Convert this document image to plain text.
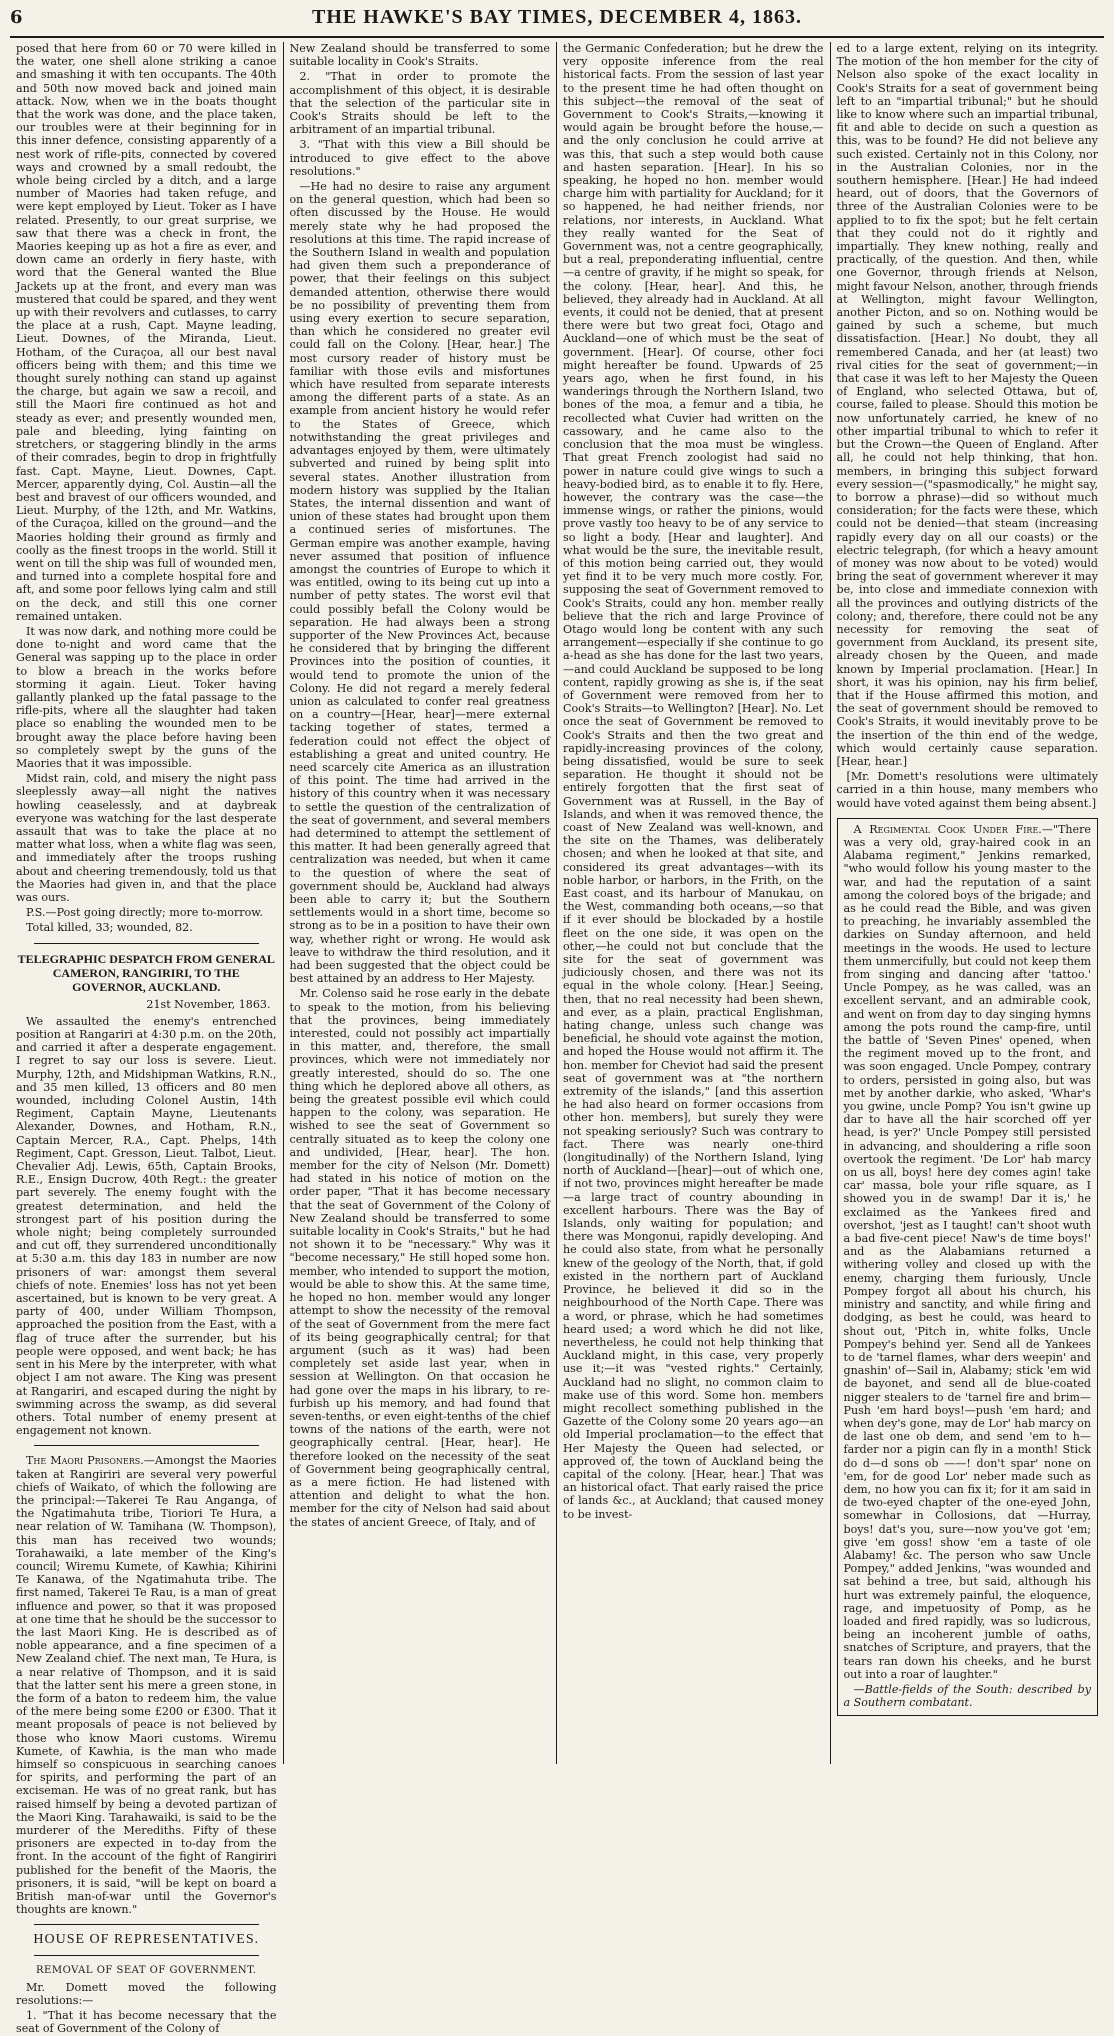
6	THE HAWKE'S BAY TIMES, DECEMBER 4, 1863.

posed that here from 60 or 70 were killed in the water, one shell alone striking a canoe and smashing it with ten occupants. The 40th and 50th now moved back and joined main attack. Now, when we in the boats thought that the work was done, and the place taken, our troubles were at their beginning for in this inner defence, consisting apparently of a nest work of rifle-pits, connected by covered ways and crowned by a small redoubt, the whole being circled by a ditch, and a large number of Maories had taken refuge, and were kept employed by Lieut. Toker as I have related. Presently, to our great surprise, we saw that there was a check in front, the Maories keeping up as hot a fire as ever, and down came an orderly in fiery haste, with word that the General wanted the Blue Jackets up at the front, and every man was mustered that could be spared, and they went up with their revolvers and cutlasses, to carry the place at a rush, Capt. Mayne leading, Lieut. Downes, of the Miranda, Lieut. Hotham, of the Curaçoa, all our best naval officers being with them; and this time we thought surely nothing can stand up against the charge, but again we saw a recoil, and still the Maori fire continued as hot and steady as ever; and presently wounded men, pale and bleeding, lying fainting on stretchers, or staggering blindly in the arms of their comrades, begin to drop in frightfully fast. Capt. Mayne, Lieut. Downes, Capt. Mercer, apparently dying, Col. Austin—all the best and bravest of our officers wounded, and Lieut. Murphy, of the 12th, and Mr. Watkins, of the Curaçoa, killed on the ground—and the Maories holding their ground as firmly and coolly as the finest troops in the world. Still it went on till the ship was full of wounded men, and turned into a complete hospital fore and aft, and some poor fellows lying calm and still on the deck, and still this one corner remained untaken.

It was now dark, and nothing more could be done to-night and word came that the General was sapping up to the place in order to blow a breach in the works before storming it again. Lieut. Toker having gallantly planked up the fatal passage to the rifle-pits, where all the slaughter had taken place so enabling the wounded men to be brought away the place before having been so completely swept by the guns of the Maories that it was impossible.

Midst rain, cold, and misery the night pass sleeplessly away—all night the natives howling ceaselessly, and at daybreak everyone was watching for the last desperate assault that was to take the place at no matter what loss, when a white flag was seen, and immediately after the troops rushing about and cheering tremendously, told us that the Maories had given in, and that the place was ours.

P.S.—Post going directly; more to-morrow.

Total killed, 33; wounded, 82.

TELEGRAPHIC DESPATCH FROM GENERAL CAMERON, RANGIRIRI, TO THE GOVERNOR, AUCKLAND.
21st November, 1863.

We assaulted the enemy's entrenched position at Rangariri at 4:30 p.m. on the 20th, and carried it after a desperate engagement. I regret to say our loss is severe. Lieut. Murphy, 12th, and Midshipman Watkins, R.N., and 35 men killed, 13 officers and 80 men wounded, including Colonel Austin, 14th Regiment, Captain Mayne, Lieutenants Alexander, Downes, and Hotham, R.N., Captain Mercer, R.A., Capt. Phelps, 14th Regiment, Capt. Gresson, Lieut. Talbot, Lieut. Chevalier Adj. Lewis, 65th, Captain Brooks, R.E., Ensign Ducrow, 40th Regt.: the greater part severely. The enemy fought with the greatest determination, and held the strongest part of his position during the whole night; being completely surrounded and cut off, they surrendered unconditionally at 5:30 a.m. this day 183 in number are now prisoners of war: amongst them several chiefs of note. Enemies' loss has not yet been ascertained, but is known to be very great. A party of 400, under William Thompson, approached the position from the East, with a flag of truce after the surrender, but his people were opposed, and went back; he has sent in his Mere by the interpreter, with what object I am not aware. The King was present at Rangariri, and escaped during the night by swimming across the swamp, as did several others. Total number of enemy present at engagement not known.

The Maori Prisoners.—Amongst the Maories taken at Rangiriri are several very powerful chiefs of Waikato, of which the following are the principal:—Takerei Te Rau Anganga, of the Ngatimahuta tribe, Tioriori Te Hura, a near relation of W. Tamihana (W. Thompson), this man has received two wounds; Torahawaiki, a late member of the King's council; Wiremu Kumete, of Kawhia; Kihirini Te Kanawa, of the Ngatimahuta tribe. The first named, Takerei Te Rau, is a man of great influence and power, so that it was proposed at one time that he should be the successor to the last Maori King. He is described as of noble appearance, and a fine specimen of a New Zealand chief. The next man, Te Hura, is a near relative of Thompson, and it is said that the latter sent his mere a green stone, in the form of a baton to redeem him, the value of the mere being some £200 or £300. That it meant proposals of peace is not believed by those who know Maori customs. Wiremu Kumete, of Kawhia, is the man who made himself so conspicuous in searching canoes for spirits, and performing the part of an exciseman. He was of no great rank, but has raised himself by being a devoted partizan of the Maori King. Tarahawaiki, is said to be the murderer of the Merediths. Fifty of these prisoners are expected in to-day from the front. In the account of the fight of Rangiriri published for the benefit of the Maoris, the prisoners, it is said, "will be kept on board a British man-of-war until the Governor's thoughts are known."

HOUSE OF REPRESENTATIVES.
REMOVAL OF SEAT OF GOVERNMENT.

Mr. Domett moved the following resolutions:—

1. "That it has become necessary that the seat of Government of the Colony of

New Zealand should be transferred to some suitable locality in Cook's Straits.

2. "That in order to promote the accomplishment of this object, it is desirable that the selection of the particular site in Cook's Straits should be left to the arbitrament of an impartial tribunal.

3. "That with this view a Bill should be introduced to give effect to the above resolutions."

—He had no desire to raise any argument on the general question, which had been so often discussed by the House. He would merely state why he had proposed the resolutions at this time. The rapid increase of the Southern Island in wealth and population had given them such a preponderance of power, that their feelings on this subject demanded attention, otherwise there would be no possibility of preventing them from using every exertion to secure separation, than which he considered no greater evil could fall on the Colony. [Hear, hear.] The most cursory reader of history must be familiar with those evils and misfortunes which have resulted from separate interests among the different parts of a state. As an example from ancient history he would refer to the States of Greece, which notwithstanding the great privileges and advantages enjoyed by them, were ultimately subverted and ruined by being split into several states. Another illustration from modern history was supplied by the Italian States, the internal dissention and want of union of these states had brought upon them a continued series of misfortunes. The German empire was another example, having never assumed that position of influence amongst the countries of Europe to which it was entitled, owing to its being cut up into a number of petty states. The worst evil that could possibly befall the Colony would be separation. He had always been a strong supporter of the New Provinces Act, because he considered that by bringing the different Provinces into the position of counties, it would tend to promote the union of the Colony. He did not regard a merely federal union as calculated to confer real greatness on a country—[Hear, hear]—mere external tacking together of states, termed a federation could not effect the object of establishing a great and united country. He need scarcely cite America as an illustration of this point. The time had arrived in the history of this country when it was necessary to settle the question of the centralization of the seat of government, and several members had determined to attempt the settlement of this matter. It had been generally agreed that centralization was needed, but when it came to the question of where the seat of government should be, Auckland had always been able to carry it; but the Southern settlements would in a short time, become so strong as to be in a position to have their own way, whether right or wrong. He would ask leave to withdraw the third resolution, and it had been suggested that the object could be best attained by an address to Her Majesty.

Mr. Colenso said he rose early in the debate to speak to the motion, from his believing that the provinces, being immediately interested, could not possibly act impartially in this matter, and, therefore, the small provinces, which were not immediately nor greatly interested, should do so. The one thing which he deplored above all others, as being the greatest possible evil which could happen to the colony, was separation. He wished to see the seat of Government so centrally situated as to keep the colony one and undivided, [Hear, hear]. The hon. member for the city of Nelson (Mr. Domett) had stated in his notice of motion on the order paper, "That it has become necessary that the seat of Government of the Colony of New Zealand should be transferred to some suitable locality in Cook's Straits," but he had not shown it to be "necessary." Why was it "become necessary," He still hoped some hon. member, who intended to support the motion, would be able to show this. At the same time, he hoped no hon. member would any longer attempt to show the necessity of the removal of the seat of Government from the mere fact of its being geographically central; for that argument (such as it was) had been completely set aside last year, when in session at Wellington. On that occasion he had gone over the maps in his library, to re-furbish up his memory, and had found that seven-tenths, or even eight-tenths of the chief towns of the nations of the earth, were not geographically central. [Hear, hear]. He therefore looked on the necessity of the seat of Government being geographically central, as a mere fiction. He had listened with attention and delight to what the hon. member for the city of Nelson had said about the states of ancient Greece, of Italy, and of

the Germanic Confederation; but he drew the very opposite inference from the real historical facts. From the session of last year to the present time he had often thought on this subject—the removal of the seat of Government to Cook's Straits,—knowing it would again be brought before the house,—and the only conclusion he could arrive at was this, that such a step would both cause and hasten separation. [Hear]. In his so speaking, he hoped no hon. member would charge him with partiality for Auckland; for it so happened, he had neither friends, nor relations, nor interests, in Auckland. What they really wanted for the Seat of Government was, not a centre geographically, but a real, preponderating influential, centre—a centre of gravity, if he might so speak, for the colony. [Hear, hear]. And this, he believed, they already had in Auckland. At all events, it could not be denied, that at present there were but two great foci, Otago and Auckland—one of which must be the seat of government. [Hear]. Of course, other foci might hereafter be found. Upwards of 25 years ago, when he first found, in his wanderings through the Northern Island, two bones of the moa, a femur and a tibia, he recollected what Cuvier had written on the cassowary, and he came also to the conclusion that the moa must be wingless. That great French zoologist had said no power in nature could give wings to such a heavy-bodied bird, as to enable it to fly. Here, however, the contrary was the case—the immense wings, or rather the pinions, would prove vastly too heavy to be of any service to so light a body. [Hear and laughter]. And what would be the sure, the inevitable result, of this motion being carried out, they would yet find it to be very much more costly. For, supposing the seat of Government removed to Cook's Straits, could any hon. member really believe that the rich and large Province of Otago would long be content with any such arrangement—especially if she continue to go a-head as she has done for the last two years,—and could Auckland be supposed to be long content, rapidly growing as she is, if the seat of Government were removed from her to Cook's Straits—to Wellington? [Hear]. No. Let once the seat of Government be removed to Cook's Straits and then the two great and rapidly-increasing provinces of the colony, being dissatisfied, would be sure to seek separation. He thought it should not be entirely forgotten that the first seat of Government was at Russell, in the Bay of Islands, and when it was removed thence, the coast of New Zealand was well-known, and the site on the Thames, was deliberately chosen; and when he looked at that site, and considered its great advantages—with its noble harbor, or harbors, in the Frith, on the East coast, and its harbour of Manukau, on the West, commanding both oceans,—so that if it ever should be blockaded by a hostile fleet on the one side, it was open on the other,—he could not but conclude that the site for the seat of government was judiciously chosen, and there was not its equal in the whole colony. [Hear.] Seeing, then, that no real necessity had been shewn, and ever, as a plain, practical Englishman, hating change, unless such change was beneficial, he should vote against the motion, and hoped the House would not affirm it. The hon. member for Cheviot had said the present seat of government was at "the northern extremity of the islands," [and this assertion he had also heard on former occasions from other hon. members], but surely they were not speaking seriously? Such was contrary to fact. There was nearly one-third (longitudinally) of the Northern Island, lying north of Auckland—[hear]—out of which one, if not two, provinces might hereafter be made—a large tract of country abounding in excellent harbours. There was the Bay of Islands, only waiting for population; and there was Mongonui, rapidly developing. And he could also state, from what he personally knew of the geology of the North, that, if gold existed in the northern part of Auckland Province, he believed it did so in the neighbourhood of the North Cape. There was a word, or phrase, which he had sometimes heard used; a word which he did not like, nevertheless, he could not help thinking that Auckland might, in this case, very properly use it;—it was "vested rights." Certainly, Auckland had no slight, no common claim to make use of this word. Some hon. members might recollect something published in the Gazette of the Colony some 20 years ago—an old Imperial proclamation—to the effect that Her Majesty the Queen had selected, or approved of, the town of Auckland being the capital of the colony. [Hear, hear.] That was an historical ofact. That early raised the price of lands &c., at Auckland; that caused money to be invest-

ed to a large extent, relying on its integrity. The motion of the hon member for the city of Nelson also spoke of the exact locality in Cook's Straits for a seat of government being left to an "impartial tribunal;" but he should like to know where such an impartial tribunal, fit and able to decide on such a question as this, was to be found? He did not believe any such existed. Certainly not in this Colony, nor in the Australian Colonies, nor in the southern hemisphere. [Hear.] He had indeed heard, out of doors, that the Governors of three of the Australian Colonies were to be applied to to fix the spot; but he felt certain that they could not do it rightly and impartially. They knew nothing, really and practically, of the question. And then, while one Governor, through friends at Nelson, might favour Nelson, another, through friends at Wellington, might favour Wellington, another Picton, and so on. Nothing would be gained by such a scheme, but much dissatisfaction. [Hear.] No doubt, they all remembered Canada, and her (at least) two rival cities for the seat of government;—in that case it was left to her Majesty the Queen of England, who selected Ottawa, but of, course, failed to please. Should this motion be now unfortunately carried, he knew of no other impartial tribunal to which to refer it but the Crown—the Queen of England. After all, he could not help thinking, that hon. members, in bringing this subject forward every session—("spasmodically," he might say, to borrow a phrase)—did so without much consideration; for the facts were these, which could not be denied—that steam (increasing rapidly every day on all our coasts) or the electric telegraph, (for which a heavy amount of money was now about to be voted) would bring the seat of government wherever it may be, into close and immediate connexion with all the provinces and outlying districts of the colony; and, therefore, there could not be any necessity for removing the seat of government from Auckland, its present site, already chosen by the Queen, and made known by Imperial proclamation. [Hear.] In short, it was his opinion, nay his firm belief, that if the House affirmed this motion, and the seat of government should be removed to Cook's Straits, it would inevitably prove to be the insertion of the thin end of the wedge, which would certainly cause separation. [Hear, hear.]

[Mr. Domett's resolutions were ultimately carried in a thin house, many members who would have voted against them being absent.]

A Regimental Cook Under Fire.—"There was a very old, gray-haired cook in an Alabama regiment," Jenkins remarked, "who would follow his young master to the war, and had the reputation of a saint among the colored boys of the brigade; and as he could read the Bible, and was given to preaching, he invariably assembled the darkies on Sunday afternoon, and held meetings in the woods. He used to lecture them unmercifully, but could not keep them from singing and dancing after 'tattoo.' Uncle Pompey, as he was called, was an excellent servant, and an admirable cook, and went on from day to day singing hymns among the pots round the camp-fire, until the battle of 'Seven Pines' opened, when the regiment moved up to the front, and was soon engaged. Uncle Pompey, contrary to orders, persisted in going also, but was met by another darkie, who asked, 'Whar's you gwine, uncle Pomp? You isn't gwine up dar to have all the hair scorched off yer head, is yer?' Uncle Pompey still persisted in advancing, and shouldering a rifle soon overtook the regiment. 'De Lor' hab marcy on us all, boys! here dey comes agin! take car' massa, bole your rifle square, as I showed you in de swamp! Dar it is,' he exclaimed as the Yankees fired and overshot, 'jest as I taught! can't shoot wuth a bad five-cent piece! Naw's de time boys!' and as the Alabamians returned a withering volley and closed up with the enemy, charging them furiously, Uncle Pompey forgot all about his church, his ministry and sanctity, and while firing and dodging, as best he could, was heard to shout out, 'Pitch in, white folks, Uncle Pompey's behind yer. Send all de Yankees to de 'tarnel flames, whar ders weepin' and gnashin' of—Sail in, Alabamy; stick 'em wid de bayonet, and send all de blue-coated nigger stealers to de 'tarnel fire and brim—Push 'em hard boys!—push 'em hard; and when dey's gone, may de Lor' hab marcy on de last one ob dem, and send 'em to h— farder nor a pigin can fly in a month! Stick do d—d sons ob ——! don't spar' none on 'em, for de good Lor' neber made such as dem, no how you can fix it; for it am said in de two-eyed chapter of the one-eyed John, somewhar in Collosions, dat —Hurray, boys! dat's you, sure—now you've got 'em; give 'em goss! show 'em a taste of ole Alabamy! &c. The person who saw Uncle Pompey," added Jenkins, "was wounded and sat behind a tree, but said, although his hurt was extremely painful, the eloquence, rage, and impetuosity of Pomp, as he loaded and fired rapidly, was so ludicrous, being an incoherent jumble of oaths, snatches of Scripture, and prayers, that the tears ran down his cheeks, and he burst out into a roar of laughter."

—Battle-fields of the South: described by a Southern combatant.
